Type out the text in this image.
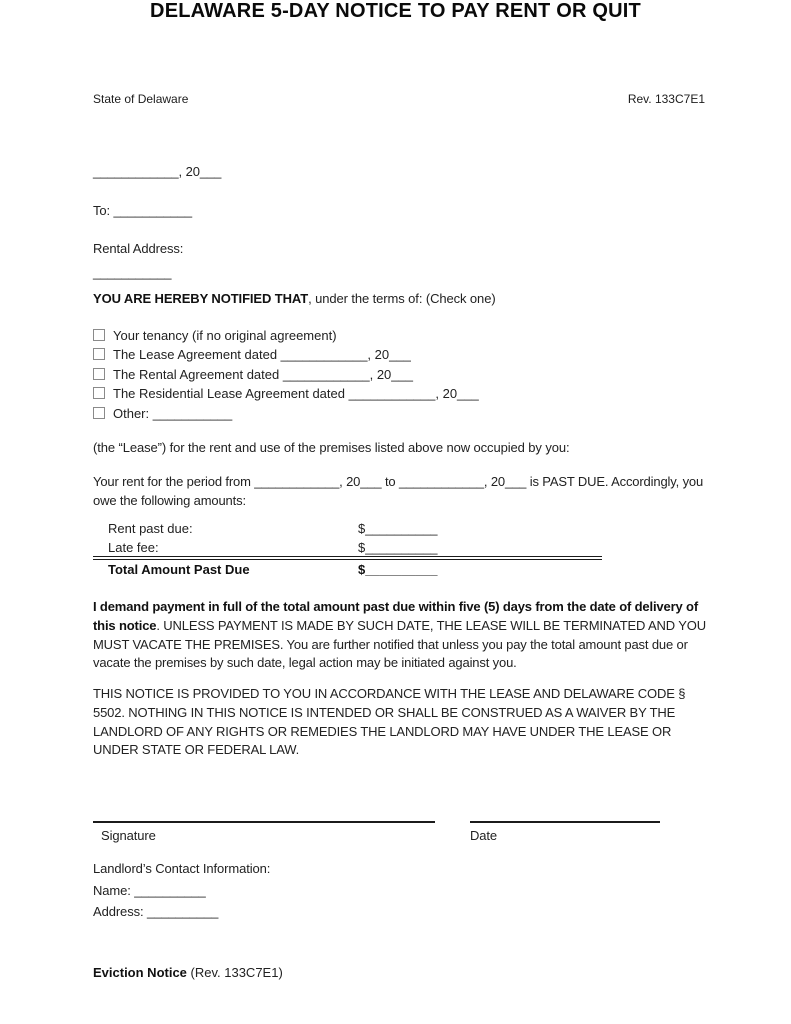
State of Delaware	Rev. 133C7E1
DELAWARE 5-DAY NOTICE TO PAY RENT OR QUIT
____________, 20___
To: ___________
Rental Address:
___________
YOU ARE HEREBY NOTIFIED THAT, under the terms of: (Check one)
Your tenancy (if no original agreement)
The Lease Agreement dated ____________, 20___
The Rental Agreement dated ____________, 20___
The Residential Lease Agreement dated ____________, 20___
Other: ___________
(the “Lease”) for the rent and use of the premises listed above now occupied by you:
Your rent for the period from ____________, 20___ to ____________, 20___ is PAST DUE. Accordingly, you owe the following amounts:
Rent past due:	$__________
Late fee:	$__________
Total Amount Past Due	$__________
I demand payment in full of the total amount past due within five (5) days from the date of delivery of this notice. UNLESS PAYMENT IS MADE BY SUCH DATE, THE LEASE WILL BE TERMINATED AND YOU MUST VACATE THE PREMISES. You are further notified that unless you pay the total amount past due or vacate the premises by such date, legal action may be initiated against you.
THIS NOTICE IS PROVIDED TO YOU IN ACCORDANCE WITH THE LEASE AND DELAWARE CODE § 5502. NOTHING IN THIS NOTICE IS INTENDED OR SHALL BE CONSTRUED AS A WAIVER BY THE LANDLORD OF ANY RIGHTS OR REMEDIES THE LANDLORD MAY HAVE UNDER THE LEASE OR UNDER STATE OR FEDERAL LAW.
Signature	Date
Landlord’s Contact Information:
Name: __________
Address: __________
Eviction Notice (Rev. 133C7E1)
